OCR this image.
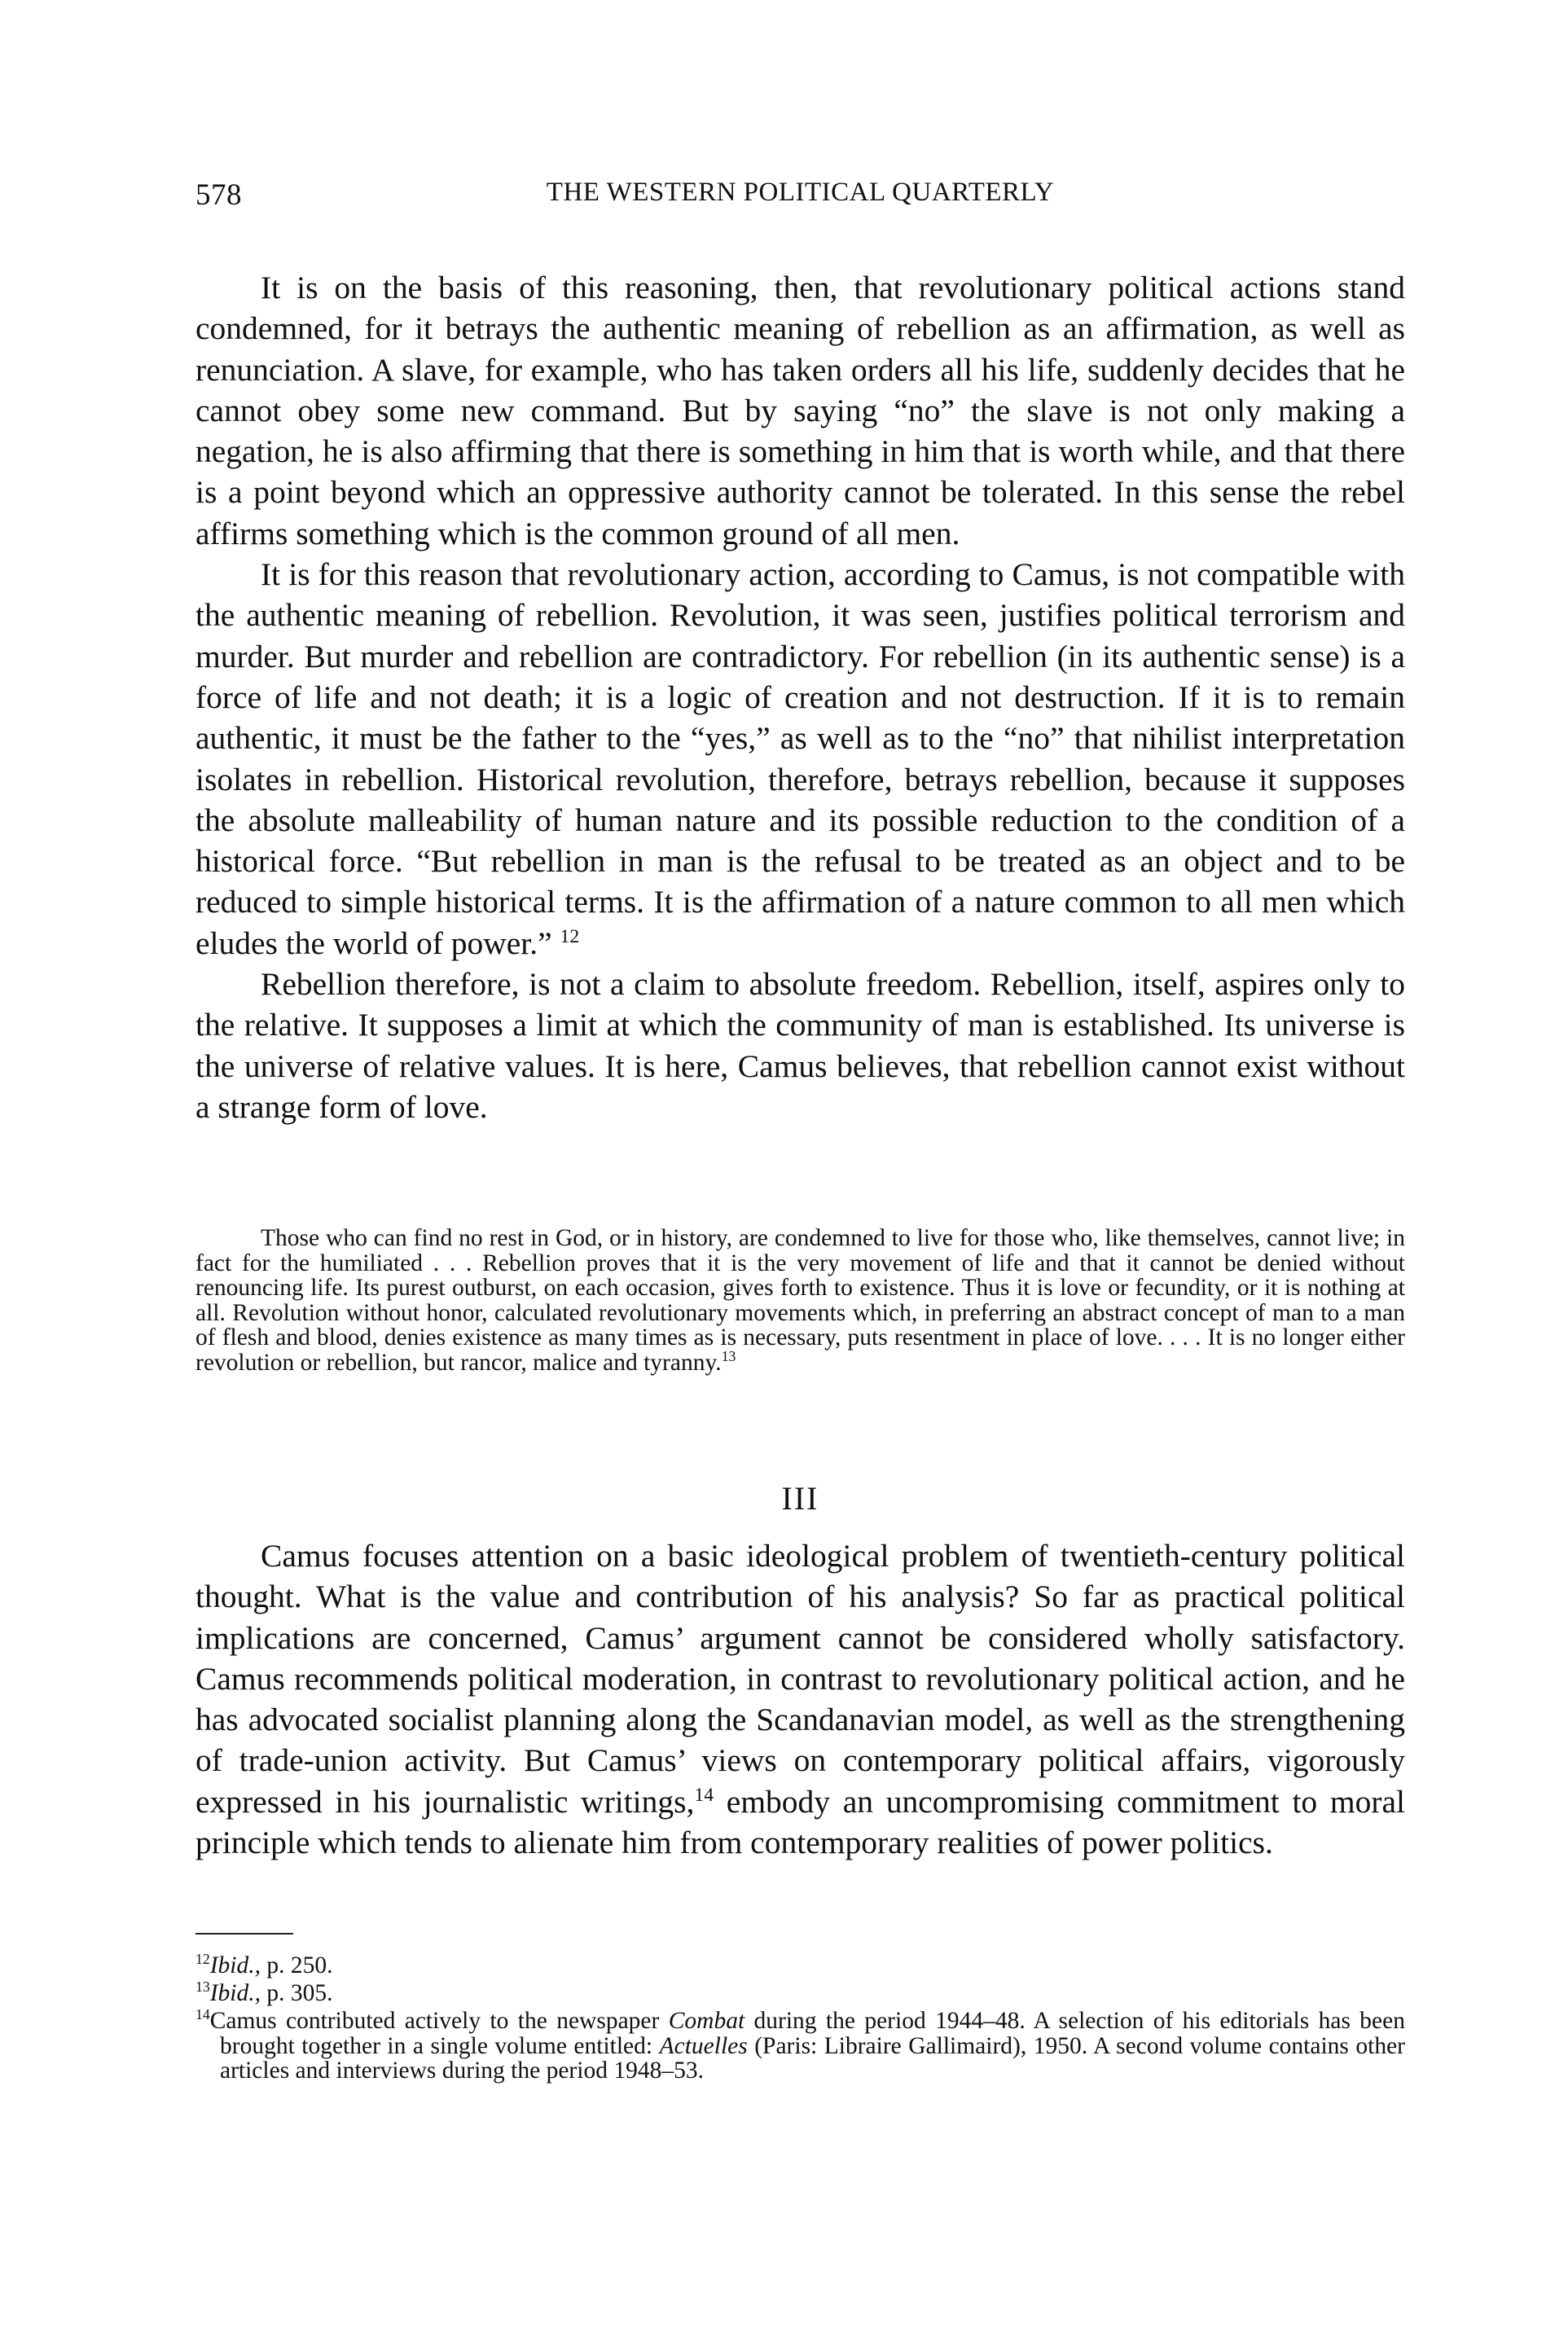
578	THE WESTERN POLITICAL QUARTERLY

It is on the basis of this reasoning, then, that revolutionary political actions stand condemned, for it betrays the authentic meaning of rebellion as an affirmation, as well as renunciation. A slave, for example, who has taken orders all his life, suddenly decides that he cannot obey some new command. But by saying “no” the slave is not only making a negation, he is also affirming that there is something in him that is worth while, and that there is a point beyond which an oppressive authority cannot be tolerated. In this sense the rebel affirms something which is the common ground of all men.

It is for this reason that revolutionary action, according to Camus, is not compatible with the authentic meaning of rebellion. Revolution, it was seen, justifies political terrorism and murder. But murder and rebellion are contradictory. For rebellion (in its authentic sense) is a force of life and not death; it is a logic of creation and not destruction. If it is to remain authentic, it must be the father to the “yes,” as well as to the “no” that nihilist interpretation isolates in rebellion. Historical revolution, therefore, betrays rebellion, because it supposes the absolute malleability of human nature and its possible reduction to the condition of a historical force. “But rebellion in man is the refusal to be treated as an object and to be reduced to simple historical terms. It is the affirmation of a nature common to all men which eludes the world of power.” $^{12}$

Rebellion therefore, is not a claim to absolute freedom. Rebellion, itself, aspires only to the relative. It supposes a limit at which the community of man is established. Its universe is the universe of relative values. It is here, Camus believes, that rebellion cannot exist without a strange form of love.

Those who can find no rest in God, or in history, are condemned to live for those who, like themselves, cannot live; in fact for the humiliated . . . Rebellion proves that it is the very movement of life and that it cannot be denied without renouncing life. Its purest outburst, on each occasion, gives forth to existence. Thus it is love or fecundity, or it is nothing at all. Revolution without honor, calculated revolutionary movements which, in preferring an abstract concept of man to a man of flesh and blood, denies existence as many times as is necessary, puts resentment in place of love. . . . It is no longer either revolution or rebellion, but rancor, malice and tyranny.$^{13}$

III

Camus focuses attention on a basic ideological problem of twentieth-century political thought. What is the value and contribution of his analysis? So far as practical political implications are concerned, Camus’ argument cannot be considered wholly satisfactory. Camus recommends political moderation, in contrast to revolutionary political action, and he has advocated socialist planning along the Scandanavian model, as well as the strengthening of trade-union activity. But Camus’ views on contemporary political affairs, vigorously expressed in his journalistic writings,$^{14}$ embody an uncompromising commitment to moral principle which tends to alienate him from contemporary realities of power politics.

$^{12}$Ibid., p. 250.

$^{13}$Ibid., p. 305.

$^{14}$Camus contributed actively to the newspaper Combat during the period 1944–48. A selection of his editorials has been brought together in a single volume entitled: Actuelles (Paris: Libraire Gallimaird), 1950. A second volume contains other articles and interviews during the period 1948–53.
